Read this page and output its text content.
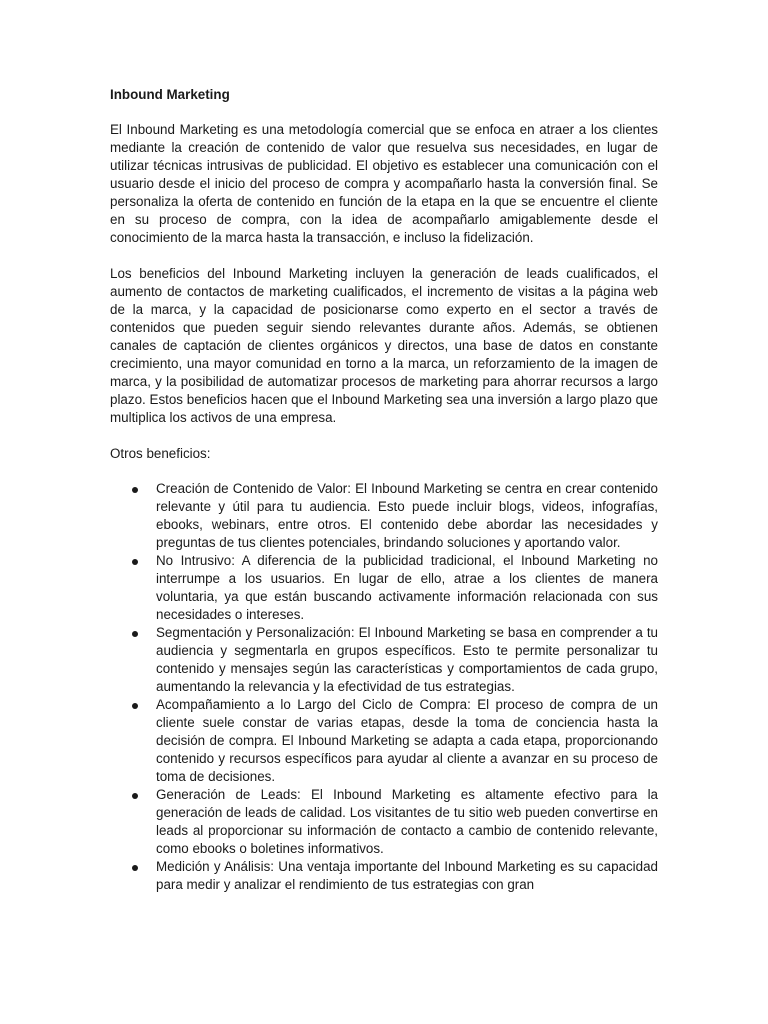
Inbound Marketing

El Inbound Marketing es una metodología comercial que se enfoca en atraer a los clientes mediante la creación de contenido de valor que resuelva sus necesidades, en lugar de utilizar técnicas intrusivas de publicidad. El objetivo es establecer una comunicación con el usuario desde el inicio del proceso de compra y acompañarlo hasta la conversión final. Se personaliza la oferta de contenido en función de la etapa en la que se encuentre el cliente en su proceso de compra, con la idea de acompañarlo amigablemente desde el conocimiento de la marca hasta la transacción, e incluso la fidelización.

Los beneficios del Inbound Marketing incluyen la generación de leads cualificados, el aumento de contactos de marketing cualificados, el incremento de visitas a la página web de la marca, y la capacidad de posicionarse como experto en el sector a través de contenidos que pueden seguir siendo relevantes durante años. Además, se obtienen canales de captación de clientes orgánicos y directos, una base de datos en constante crecimiento, una mayor comunidad en torno a la marca, un reforzamiento de la imagen de marca, y la posibilidad de automatizar procesos de marketing para ahorrar recursos a largo plazo. Estos beneficios hacen que el Inbound Marketing sea una inversión a largo plazo que multiplica los activos de una empresa.

Otros beneficios:

Creación de Contenido de Valor: El Inbound Marketing se centra en crear contenido relevante y útil para tu audiencia. Esto puede incluir blogs, videos, infografías, ebooks, webinars, entre otros. El contenido debe abordar las necesidades y preguntas de tus clientes potenciales, brindando soluciones y aportando valor.
No Intrusivo: A diferencia de la publicidad tradicional, el Inbound Marketing no interrumpe a los usuarios. En lugar de ello, atrae a los clientes de manera voluntaria, ya que están buscando activamente información relacionada con sus necesidades o intereses.
Segmentación y Personalización: El Inbound Marketing se basa en comprender a tu audiencia y segmentarla en grupos específicos. Esto te permite personalizar tu contenido y mensajes según las características y comportamientos de cada grupo, aumentando la relevancia y la efectividad de tus estrategias.
Acompañamiento a lo Largo del Ciclo de Compra: El proceso de compra de un cliente suele constar de varias etapas, desde la toma de conciencia hasta la decisión de compra. El Inbound Marketing se adapta a cada etapa, proporcionando contenido y recursos específicos para ayudar al cliente a avanzar en su proceso de toma de decisiones.
Generación de Leads: El Inbound Marketing es altamente efectivo para la generación de leads de calidad. Los visitantes de tu sitio web pueden convertirse en leads al proporcionar su información de contacto a cambio de contenido relevante, como ebooks o boletines informativos.
Medición y Análisis: Una ventaja importante del Inbound Marketing es su capacidad para medir y analizar el rendimiento de tus estrategias con gran
